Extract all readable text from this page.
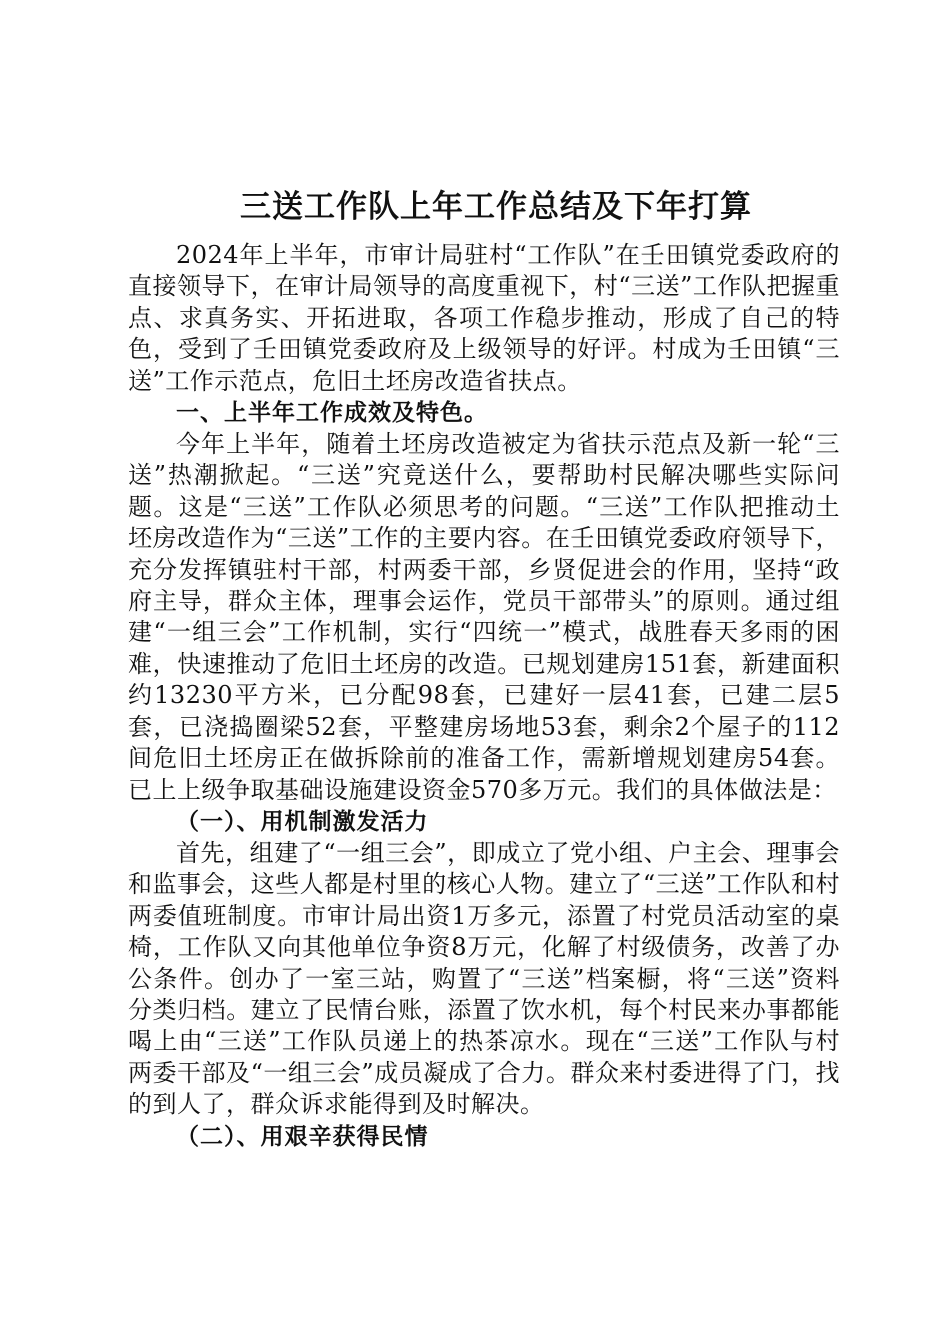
三送工作队上年工作总结及下年打算

2024年上半年，市审计局驻村“工作队”在壬田镇党委政府的直接领导下，在审计局领导的高度重视下，村“三送”工作队把握重点、求真务实、开拓进取，各项工作稳步推动，形成了自己的特色，受到了壬田镇党委政府及上级领导的好评。村成为壬田镇“三送”工作示范点，危旧土坯房改造省扶点。

一、上半年工作成效及特色。

今年上半年，随着土坯房改造被定为省扶示范点及新一轮“三送”热潮掀起。“三送”究竟送什么，要帮助村民解决哪些实际问题。这是“三送”工作队必须思考的问题。“三送”工作队把推动土坯房改造作为“三送”工作的主要内容。在壬田镇党委政府领导下，充分发挥镇驻村干部，村两委干部，乡贤促进会的作用，坚持“政府主导，群众主体，理事会运作，党员干部带头”的原则。通过组建“一组三会”工作机制，实行“四统一”模式，战胜春天多雨的困难，快速推动了危旧土坯房的改造。已规划建房151套，新建面积约13230平方米，已分配98套，已建好一层41套，已建二层5套，已浇捣圈梁52套，平整建房场地53套，剩余2个屋子的112间危旧土坯房正在做拆除前的准备工作，需新增规划建房54套。已上上级争取基础设施建设资金570多万元。我们的具体做法是：

（一）、用机制激发活力

首先，组建了“一组三会”，即成立了党小组、户主会、理事会和监事会，这些人都是村里的核心人物。建立了“三送”工作队和村两委值班制度。市审计局出资1万多元，添置了村党员活动室的桌椅，工作队又向其他单位争资8万元，化解了村级债务，改善了办公条件。创办了一室三站，购置了“三送”档案橱，将“三送”资料分类归档。建立了民情台账，添置了饮水机，每个村民来办事都能喝上由“三送”工作队员递上的热茶凉水。现在“三送”工作队与村两委干部及“一组三会”成员凝成了合力。群众来村委进得了门，找的到人了，群众诉求能得到及时解决。

（二）、用艰辛获得民情
